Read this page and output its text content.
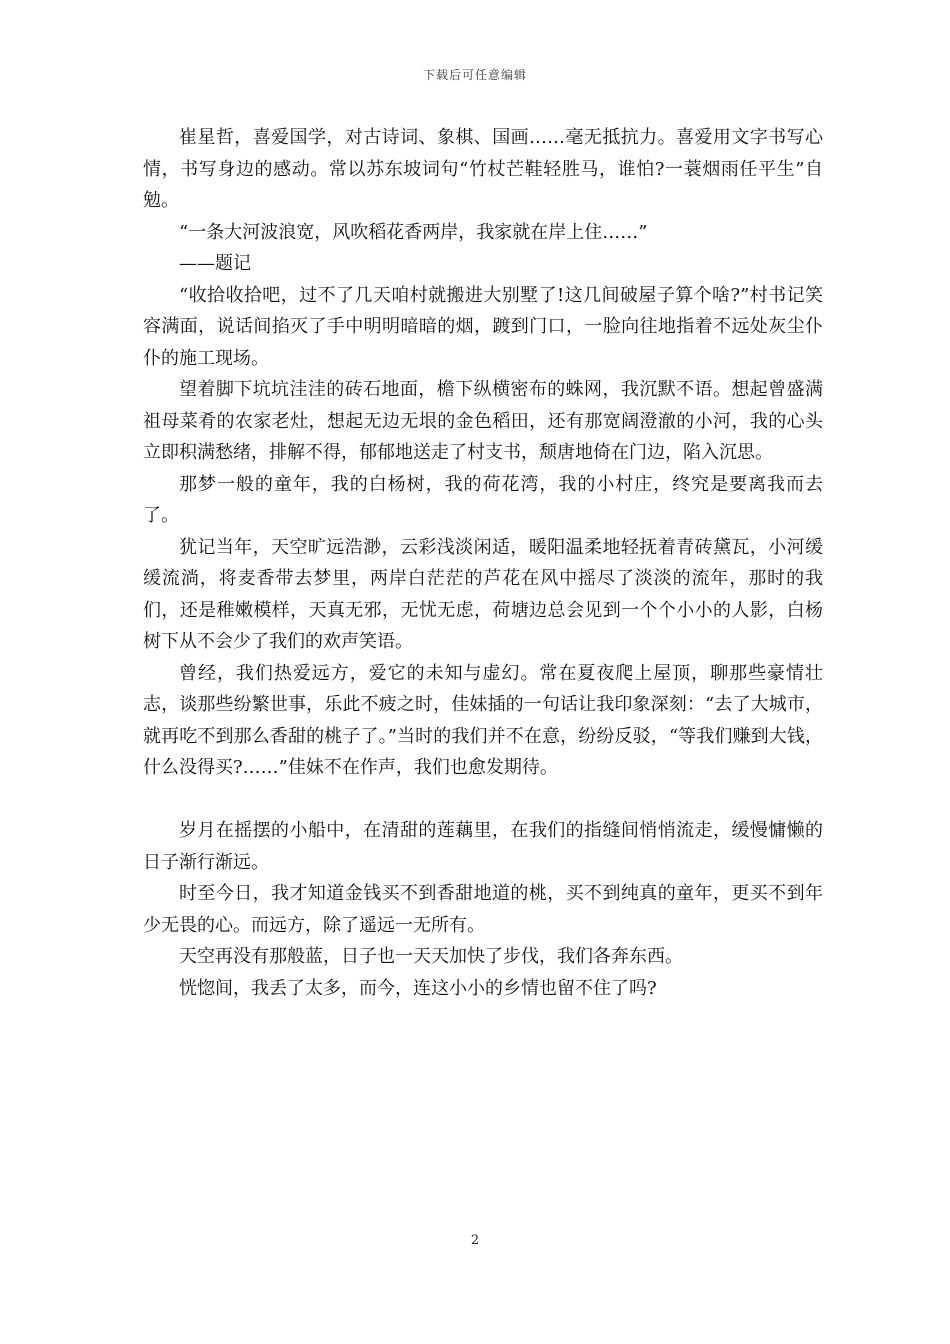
下载后可任意编辑

崔星哲，喜爱国学，对古诗词、象棋、国画……毫无抵抗力。喜爱用文字书写心情，书写身边的感动。常以苏东坡词句“竹杖芒鞋轻胜马，谁怕?一蓑烟雨任平生”自勉。

“一条大河波浪宽，风吹稻花香两岸，我家就在岸上住……”

——题记

“收拾收拾吧，过不了几天咱村就搬进大别墅了!这几间破屋子算个啥?”村书记笑容满面，说话间掐灭了手中明明暗暗的烟，踱到门口，一脸向往地指着不远处灰尘仆仆的施工现场。

望着脚下坑坑洼洼的砖石地面，檐下纵横密布的蛛网，我沉默不语。想起曾盛满祖母菜肴的农家老灶，想起无边无垠的金色稻田，还有那宽阔澄澈的小河，我的心头立即积满愁绪，排解不得，郁郁地送走了村支书，颓唐地倚在门边，陷入沉思。

那梦一般的童年，我的白杨树，我的荷花湾，我的小村庄，终究是要离我而去了。

犹记当年，天空旷远浩渺，云彩浅淡闲适，暖阳温柔地轻抚着青砖黛瓦，小河缓缓流淌，将麦香带去梦里，两岸白茫茫的芦花在风中摇尽了淡淡的流年，那时的我们，还是稚嫩模样，天真无邪，无忧无虑，荷塘边总会见到一个个小小的人影，白杨树下从不会少了我们的欢声笑语。

曾经，我们热爱远方，爱它的未知与虚幻。常在夏夜爬上屋顶，聊那些豪情壮志，谈那些纷繁世事，乐此不疲之时，佳妹插的一句话让我印象深刻：“去了大城市，就再吃不到那么香甜的桃子了。”当时的我们并不在意，纷纷反驳，“等我们赚到大钱，什么没得买?……”佳妹不在作声，我们也愈发期待。

岁月在摇摆的小船中，在清甜的莲藕里，在我们的指缝间悄悄流走，缓慢慵懒的日子渐行渐远。

时至今日，我才知道金钱买不到香甜地道的桃，买不到纯真的童年，更买不到年少无畏的心。而远方，除了遥远一无所有。

天空再没有那般蓝，日子也一天天加快了步伐，我们各奔东西。

恍惚间，我丢了太多，而今，连这小小的乡情也留不住了吗?

2
